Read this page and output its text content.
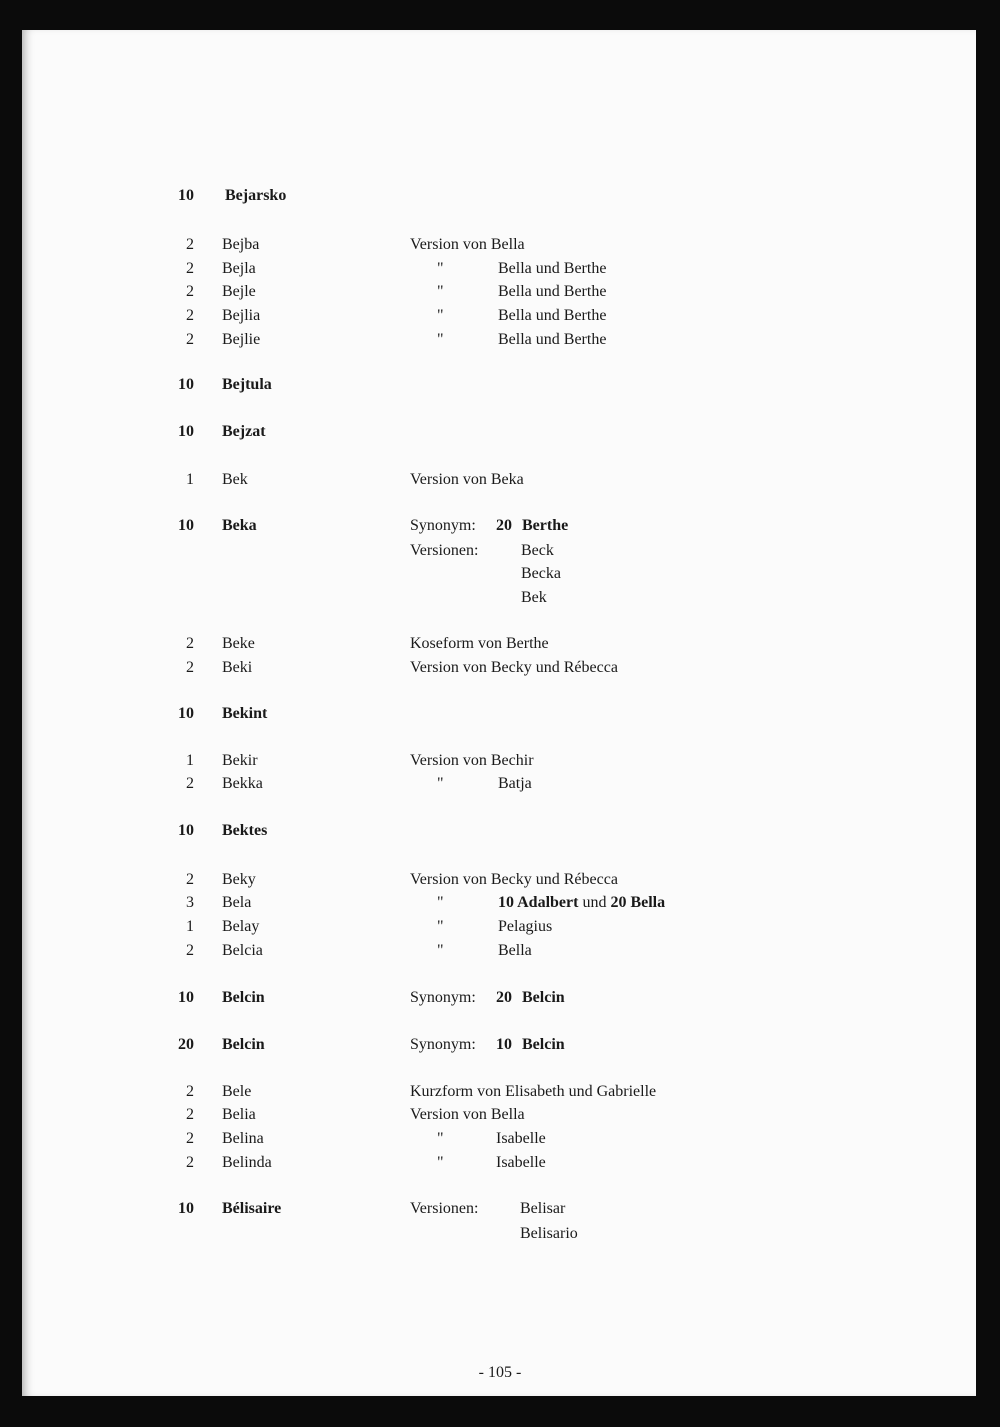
10 Bejarsko
2 Bejba	Version von Bella
2 Bejla	"	Bella und Berthe
2 Bejle	"	Bella und Berthe
2 Bejlia	"	Bella und Berthe
2 Bejlie	"	Bella und Berthe
10 Bejtula
10 Bejzat
1 Bek	Version von Beka
10 Beka	Synonym: 20 Berthe
Versionen:	Beck
Becka
Bek
2 Beke	Koseform von Berthe
2 Beki	Version von Becky und Rébecca
10 Bekint
1 Bekir	Version von Bechir
2 Bekka	"	Batja
10 Bektes
2 Beky	Version von Becky und Rébecca
3 Bela	"	10 Adalbert und 20 Bella
1 Belay	"	Pelagius
2 Belcia	"	Bella
10 Belcin	Synonym: 20 Belcin
20 Belcin	Synonym: 10 Belcin
2 Bele	Kurzform von Elisabeth und Gabrielle
2 Belia	Version von Bella
2 Belina	"	Isabelle
2 Belinda	"	Isabelle
10 Bélisaire	Versionen:	Belisar
Belisario
- 105 -
